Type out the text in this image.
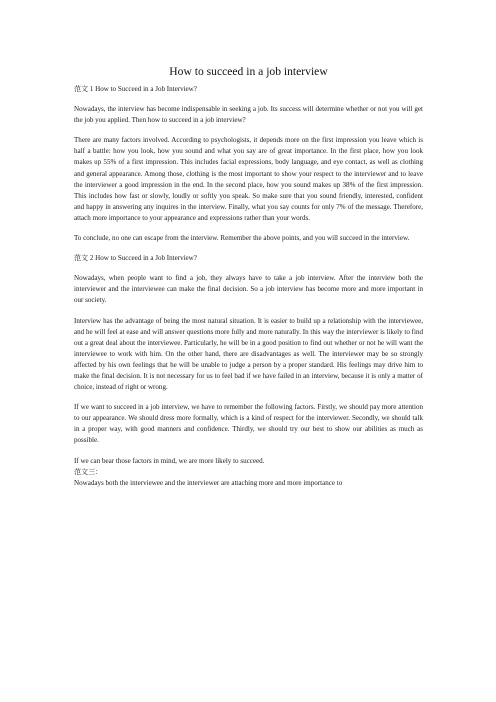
How to succeed in a job interview

范文 1 How to Succeed in a Job Interview?

Nowadays, the interview has become indispensable in seeking a job. Its success will determine whether or not you will get the job you applied. Then how to succeed in a job interview?

There are many factors involved. According to psychologists, it depends more on the first impression you leave which is half a battle: how you look, how you sound and what you say are of great importance. In the first place, how you look makes up 55% of a first impression. This includes facial expressions, body language, and eye contact, as well as clothing and general appearance. Among those, clothing is the most important to show your respect to the interviewer and to leave the interviewer a good impression in the end. In the second place, how you sound makes up 38% of the first impression. This includes how fast or slowly, loudly or softly you speak. So make sure that you sound friendly, interested, confident and happy in answering any inquires in the interview. Finally, what you say counts for only 7% of the message. Therefore, attach more importance to your appearance and expressions rather than your words.

To conclude, no one can escape from the interview. Remember the above points, and you will succeed in the interview.

范文 2 How to Succeed in a Job Interview?

Nowadays, when people want to find a job, they always have to take a job interview. After the interview both the interviewer and the interviewee can make the final decision. So a job interview has become more and more important in our society.

Interview has the advantage of being the most natural situation. It is easier to build up a relationship with the interviewee, and he will feel at ease and will answer questions more fully and more naturally. In this way the interviewer is likely to find out a great deal about the interviewee. Particularly, he will be in a good position to find out whether or not he will want the interviewee to work with him. On the other hand, there are disadvantages as well. The interviewer may be so strongly affected by his own feelings that he will be unable to judge a person by a proper standard. His feelings may drive him to make the final decision. It is not necessary for us to feel bad if we have failed in an interview, because it is only a matter of choice, instead of right or wrong.

If we want to succeed in a job interview, we have to remember the following factors. Firstly, we should pay more attention to our appearance. We should dress more formally, which is a kind of respect for the interviewer. Secondly, we should talk in a proper way, with good manners and confidence. Thirdly, we should try our best to show our abilities as much as possible.

If we can bear those factors in mind, we are more likely to succeed.

范文三：

Nowadays both the interviewee and the interviewer are attaching more and more importance to
